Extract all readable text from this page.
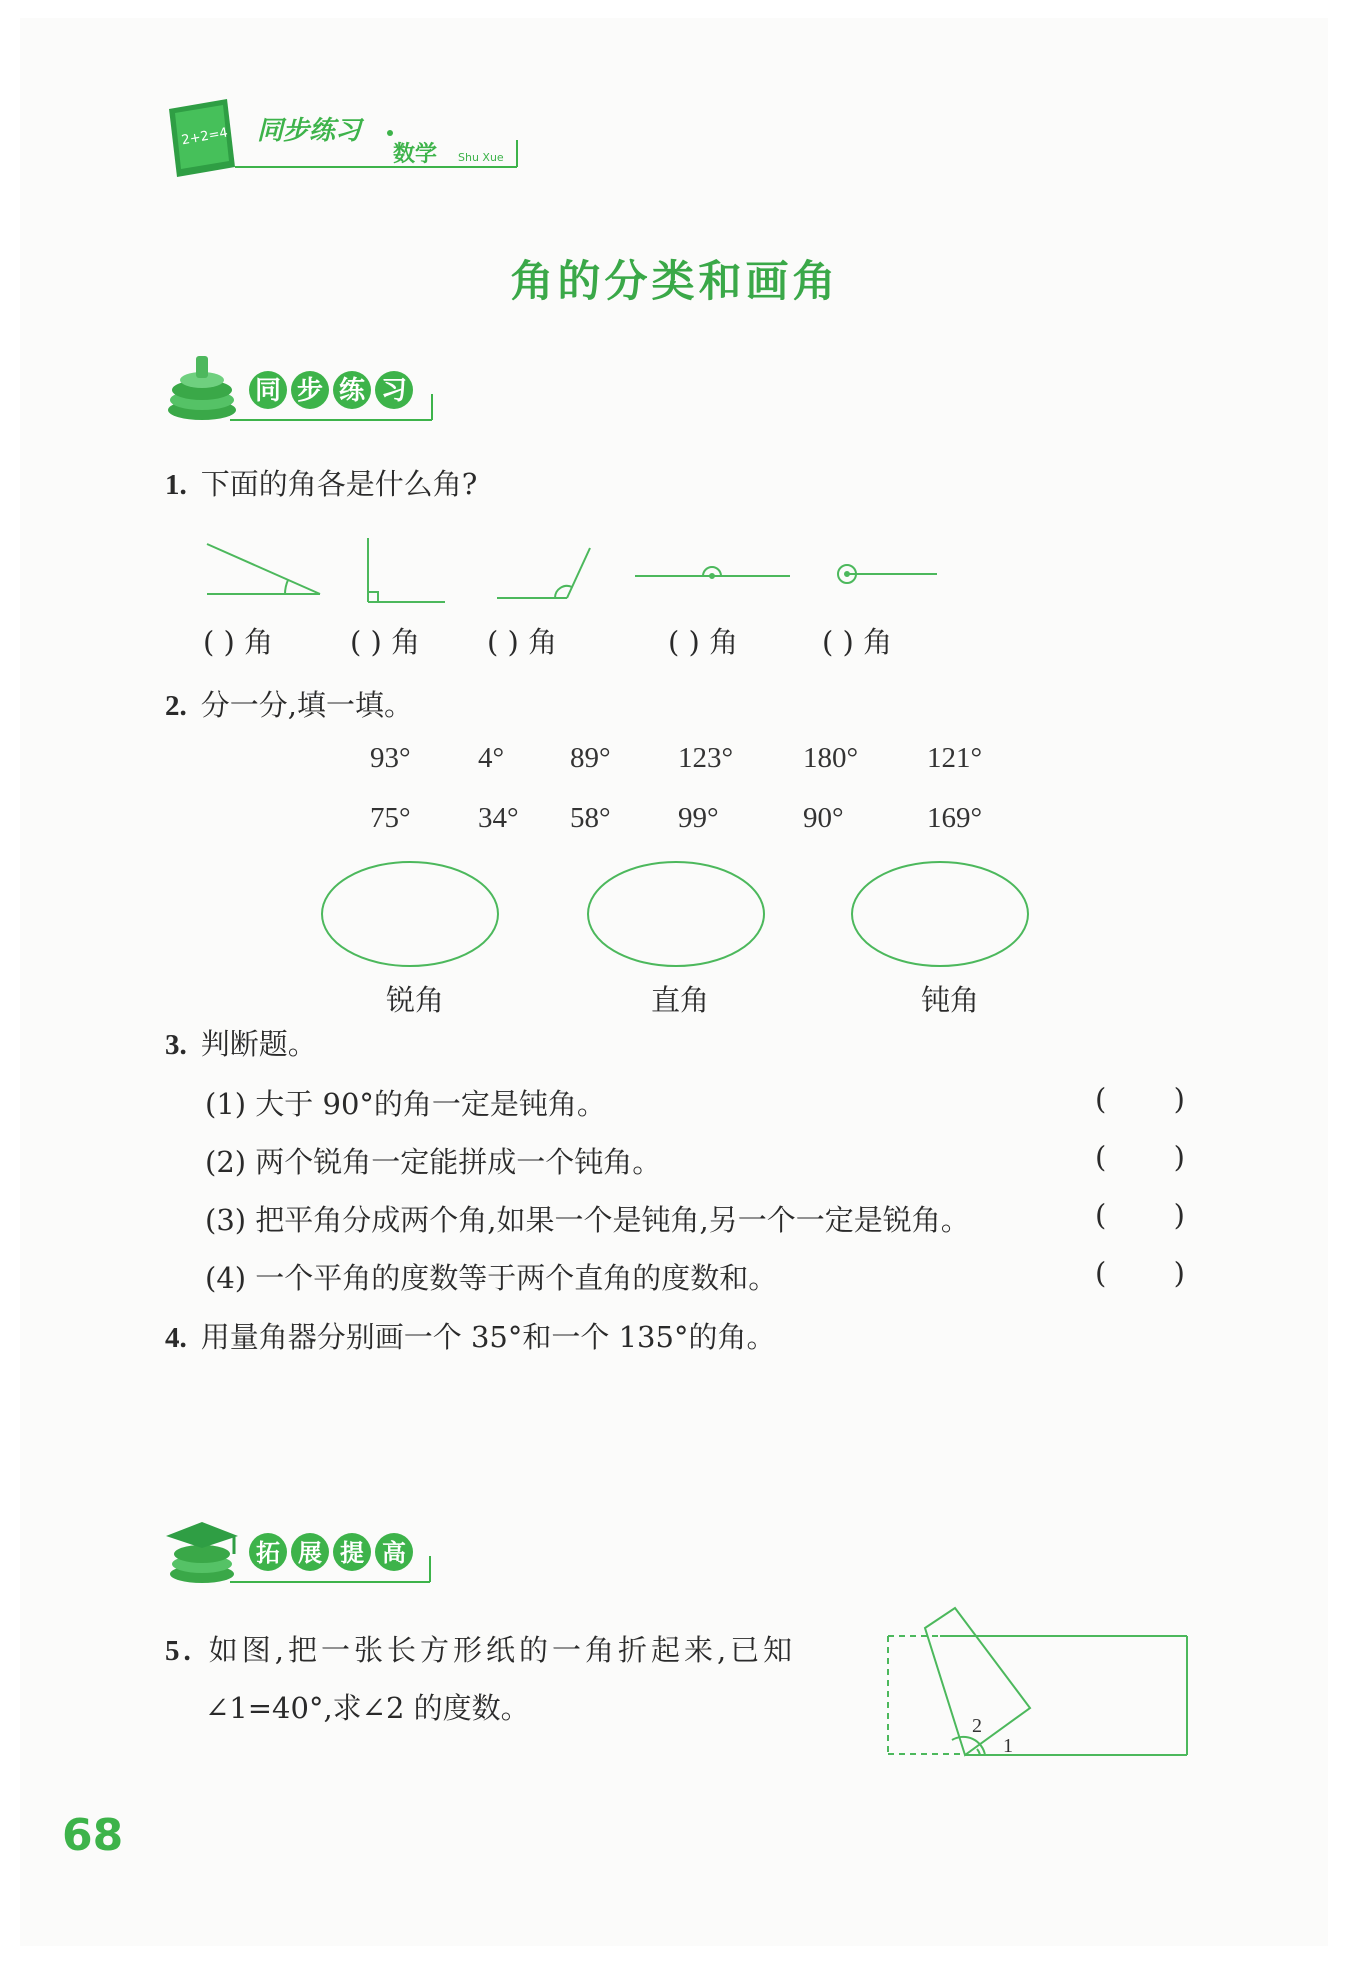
2+2=4 同步练习
数学 Shu Xue
角的分类和画角
同 步 练 习
1. 下面的角各是什么角?
( ) 角	( ) 角 ( ) 角	( ) 角	( ) 角
2. 分一分,填一填。
93° 4° 89° 123° 180° 121°
75° 34° 58° 99°	90°	169°
锐角	直角	钝角
3. 判断题。
(1) 大于 90°的角一定是钝角。	( )
(2) 两个锐角一定能拼成一个钝角。	( )
(3) 把平角分成两个角,如果一个是钝角,另一个一定是锐角。	( )
(4) 一个平角的度数等于两个直角的度数和。	( )
4. 用量角器分别画一个 35°和一个 135°的角。
拓 展 提 高
5. 如图,把一张长方形纸的一角折起来,已知
∠1=40°,求∠2 的度数。
2
1
68
